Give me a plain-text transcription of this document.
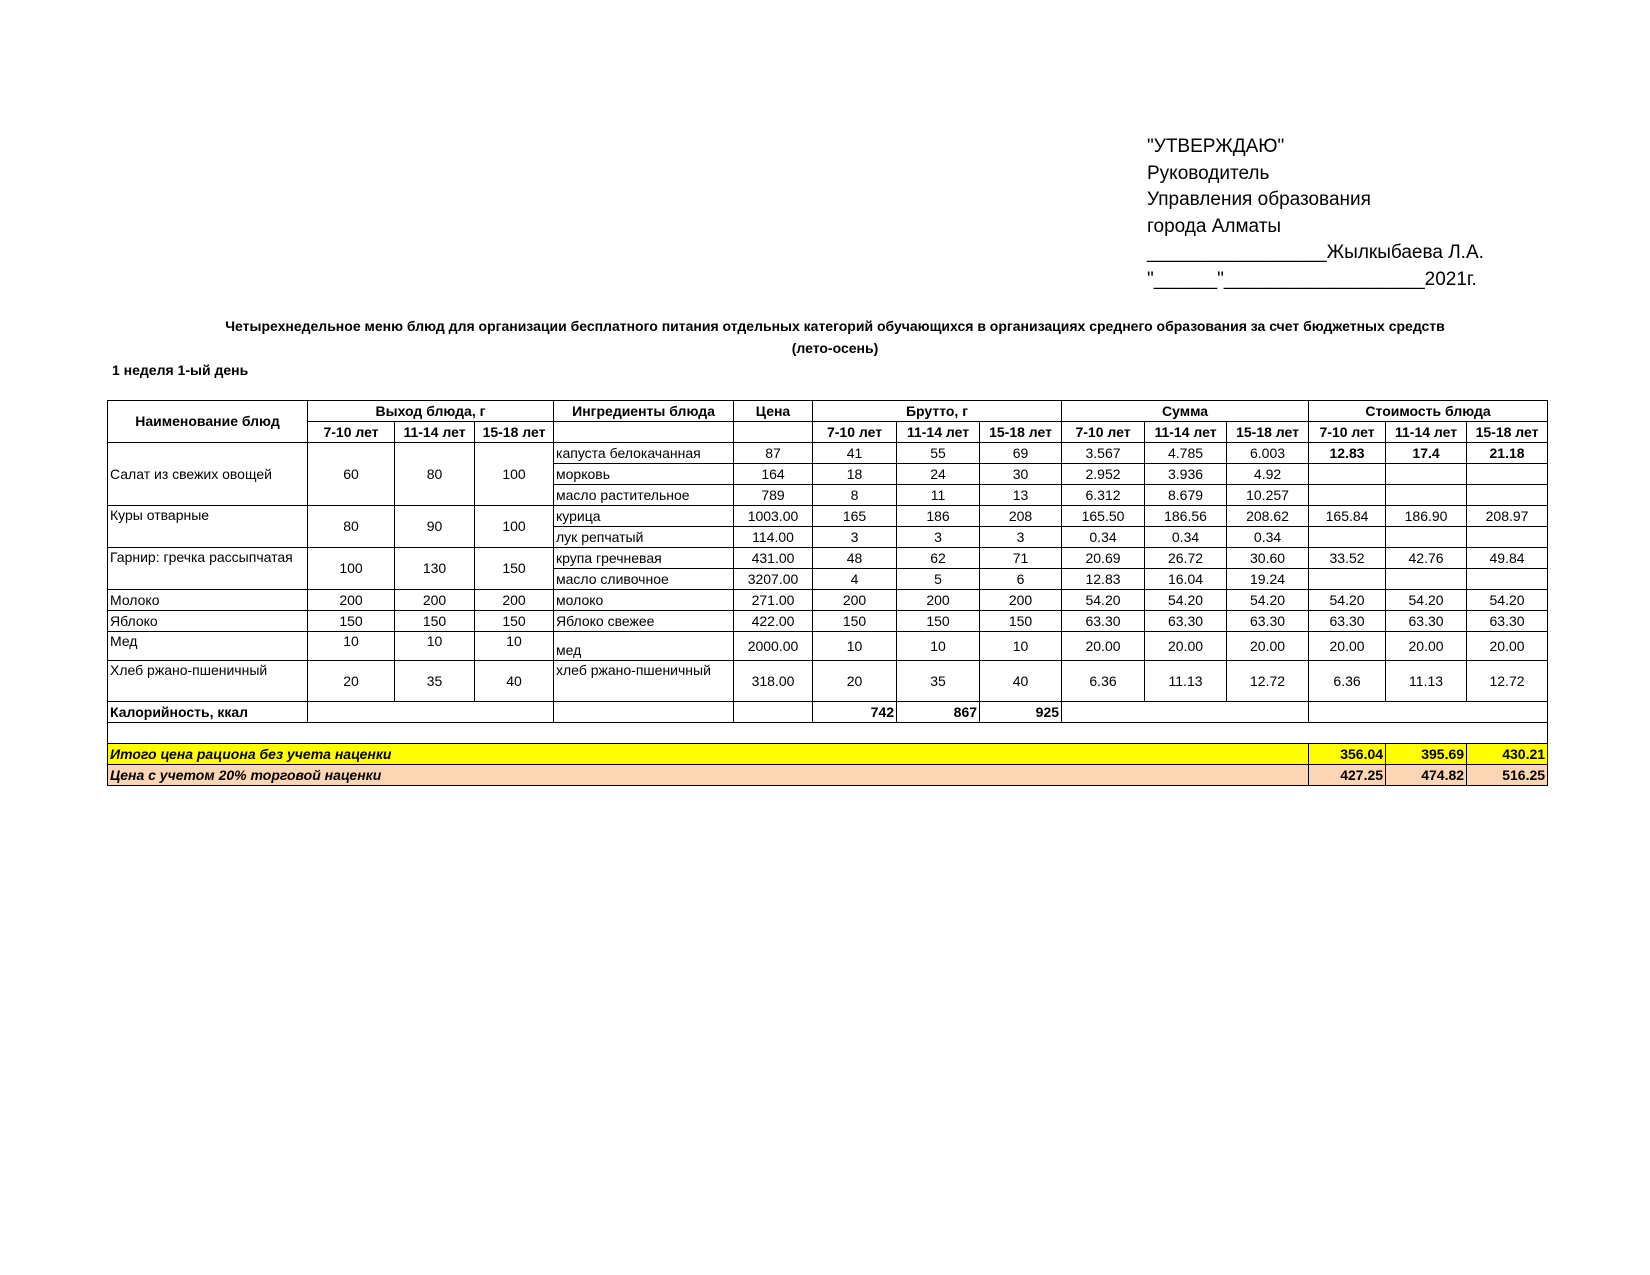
"УТВЕРЖДАЮ"
Руководитель
Управления образования
города Алматы
_________________Жылкыбаева Л.А.
"______"___________________2021г.
Четырехнедельное меню блюд для организации бесплатного питания отдельных категорий обучающихся в организациях среднего образования за счет бюджетных средств
(лето-осень)
1 неделя 1-ый день
Наименование блюд	Выход блюда, г			Ингредиенты блюда	Цена	Брутто, г			Сумма			Стоимость блюда		
	7-10 лет	11-14 лет	15-18 лет			7-10 лет	11-14 лет	15-18 лет	7-10 лет	11-14 лет	15-18 лет	7-10 лет	11-14 лет	15-18 лет
Салат из свежих овощей	60	80	100	капуста белокачанная	87	41	55	69	3.567	4.785	6.003	12.83	17.4	21.18
				морковь	164	18	24	30	2.952	3.936	4.92			
				масло растительное	789	8	11	13	6.312	8.679	10.257			
Куры отварные	80	90	100	курица	1003.00	165	186	208	165.50	186.56	208.62	165.84	186.90	208.97
				лук репчатый	114.00	3	3	3	0.34	0.34	0.34			
Гарнир: гречка рассыпчатая	100	130	150	крупа гречневая	431.00	48	62	71	20.69	26.72	30.60	33.52	42.76	49.84
				масло сливочное	3207.00	4	5	6	12.83	16.04	19.24			
Молоко	200	200	200	молоко	271.00	200	200	200	54.20	54.20	54.20	54.20	54.20	54.20
Яблоко	150	150	150	Яблоко свежее	422.00	150	150	150	63.30	63.30	63.30	63.30	63.30	63.30
Мед	10	10	10	мед	2000.00	10	10	10	20.00	20.00	20.00	20.00	20.00	20.00
Хлеб ржано-пшеничный	20	35	40	хлеб ржано-пшеничный	318.00	20	35	40	6.36	11.13	12.72	6.36	11.13	12.72
Калорийность, ккал						742	867	925						

Итого цена рациона без учета наценки												356.04	395.69	430.21
Цена с учетом 20% торговой наценки												427.25	474.82	516.25
